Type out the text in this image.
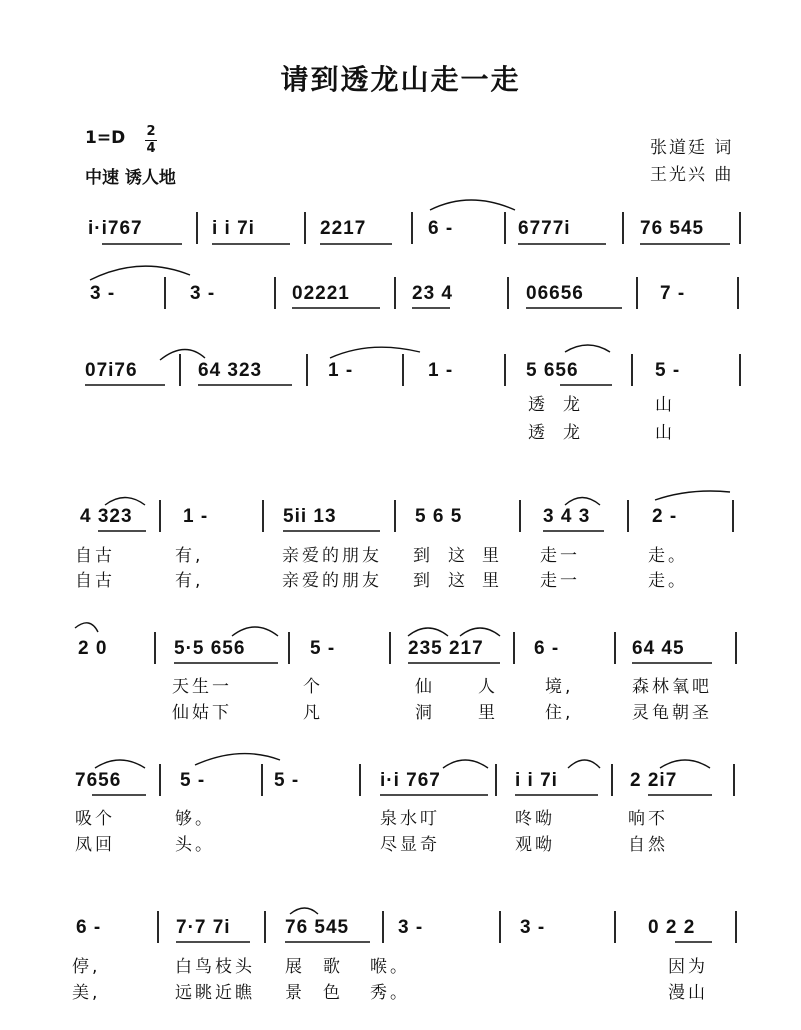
请到透龙山走一走
1=D 2
4
中速 诱人地
张道廷 词
王光兴 曲
i·i767	i i 7i	2217	6 -	6777i	76 545
3 -	3 -	02221	23 4	06656	7 -
07i76	64 323	1 -	1 -	5 656	5 -
透 龙	山
透 龙	山
4 323	1 -	5ii 13	5 6 5	3 4 3	2 -
自古	有,	亲爱的朋友 到 这 里 走一	走。
自古	有,	亲爱的朋友 到 这 里 走一	走。
2 0	5·5 656	5 -	235 217	6 -	64 45
天生一	个	仙	人	境,	森林氧吧
仙姑下	凡	洞	里	住,	灵龟朝圣
7656	5 -	5 -	i·i 767	i i 7i	2 2i7
吸个	够。	泉水叮	咚呦	响不
凤回	头。	尽显奇	观呦	自然
6 -	7·7 7i	76 545	3 -	3 -	0 2 2
停,	白鸟枝头 展 歌 喉。	因为
美,	远眺近瞧 景 色 秀。	漫山
